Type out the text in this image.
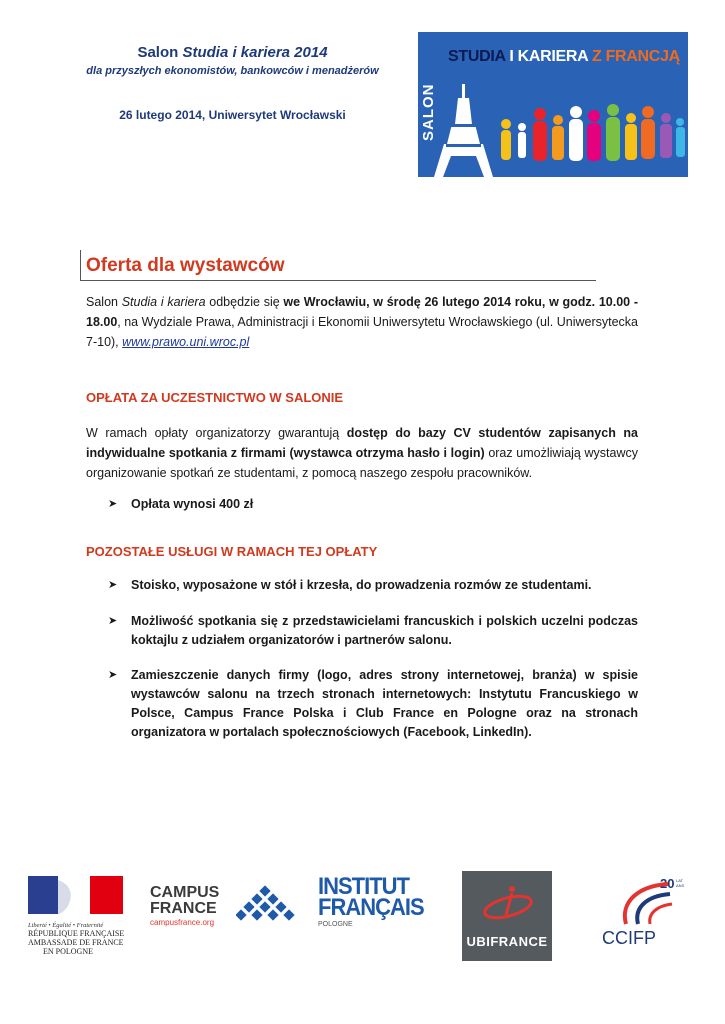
Salon Studia i kariera 2014
dla przyszłych ekonomistów, bankowców i menadżerów
26 lutego 2014, Uniwersytet Wrocławski	SALON
STUDIA I KARIERA Z FRANCJĄ
Oferta dla wystawców
Salon Studia i kariera odbędzie się we Wrocławiu, w środę 26 lutego 2014 roku, w godz. 10.00 - 18.00, na Wydziale Prawa, Administracji i Ekonomii Uniwersytetu Wrocławskiego (ul. Uniwersytecka 7-10), www.prawo.uni.wroc.pl
OPŁATA ZA UCZESTNICTWO W SALONIE
W ramach opłaty organizatorzy gwarantują dostęp do bazy CV studentów zapisanych na indywidualne spotkania z firmami (wystawca otrzyma hasło i login) oraz umożliwiają wystawcy organizowanie spotkań ze studentami, z pomocą naszego zespołu pracowników.
➤ Opłata wynosi 400 zł
POZOSTAŁE USŁUGI W RAMACH TEJ OPŁATY
➤ Stoisko, wyposażone w stół i krzesła, do prowadzenia rozmów ze studentami.
➤ Możliwość spotkania się z przedstawicielami francuskich i polskich uczelni podczas koktajlu z udziałem organizatorów i partnerów salonu.
➤ Zamieszczenie danych firmy (logo, adres strony internetowej, branża) w spisie wystawców salonu na trzech stronach internetowych: Instytutu Francuskiego w Polsce, Campus France Polska i Club France en Pologne oraz na stronach organizatora w portalach społecznościowych (Facebook, LinkedIn).
Liberté • Égalité • Fraternité
RÉPUBLIQUE FRANÇAISE
AMBASSADE DE FRANCE
EN POLOGNE
CAMPUS
FRANCE
campusfrance.org
INSTITUT
FRANÇAIS
POLOGNE
UBIFRANCE
20 LAT ANS
CCIFP
